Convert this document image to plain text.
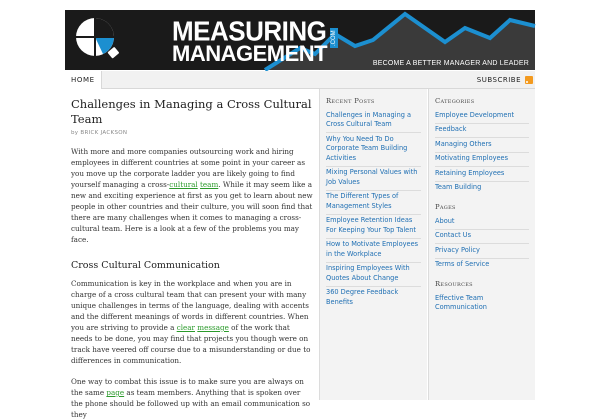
MEASURING
MANAGEMENT
.COM
BECOME A BETTER MANAGER AND LEADER
HOME	SUBSCRIBE
Challenges in Managing a Cross Cultural Team
by BRICK JACKSON

With more and more companies outsourcing work and hiring employees in different countries at some point in your career as you move up the corporate ladder you are likely going to find yourself managing a cross-cultural team. While it may seem like a new and exciting experience at first as you get to learn about new people in other countries and their culture, you will soon find that there are many challenges when it comes to managing a cross-cultural team. Here is a look at a few of the problems you may face.

Cross Cultural Communication

Communication is key in the workplace and when you are in charge of a cross cultural team that can present your with many unique challenges in terms of the language, dealing with accents and the different meanings of words in different countries. When you are striving to provide a clear message of the work that needs to be done, you may find that projects you though were on track have veered off course due to a misunderstanding or due to differences in communication.

One way to combat this issue is to make sure you are always on the same page as team members. Anything that is spoken over the phone should be followed up with an email communication so they

Recent Posts
Challenges in Managing a Cross Cultural Team
Why You Need To Do Corporate Team Building Activities
Mixing Personal Values with Job Values
The Different Types of Management Styles
Employee Retention Ideas For Keeping Your Top Talent
How to Motivate Employees in the Workplace
Inspiring Employees With Quotes About Change
360 Degree Feedback Benefits
Categories
Employee Development
Feedback
Managing Others
Motivating Employees
Retaining Employees
Team Building
Pages
About
Contact Us
Privacy Policy
Terms of Service
Resources
Effective Team Communication
